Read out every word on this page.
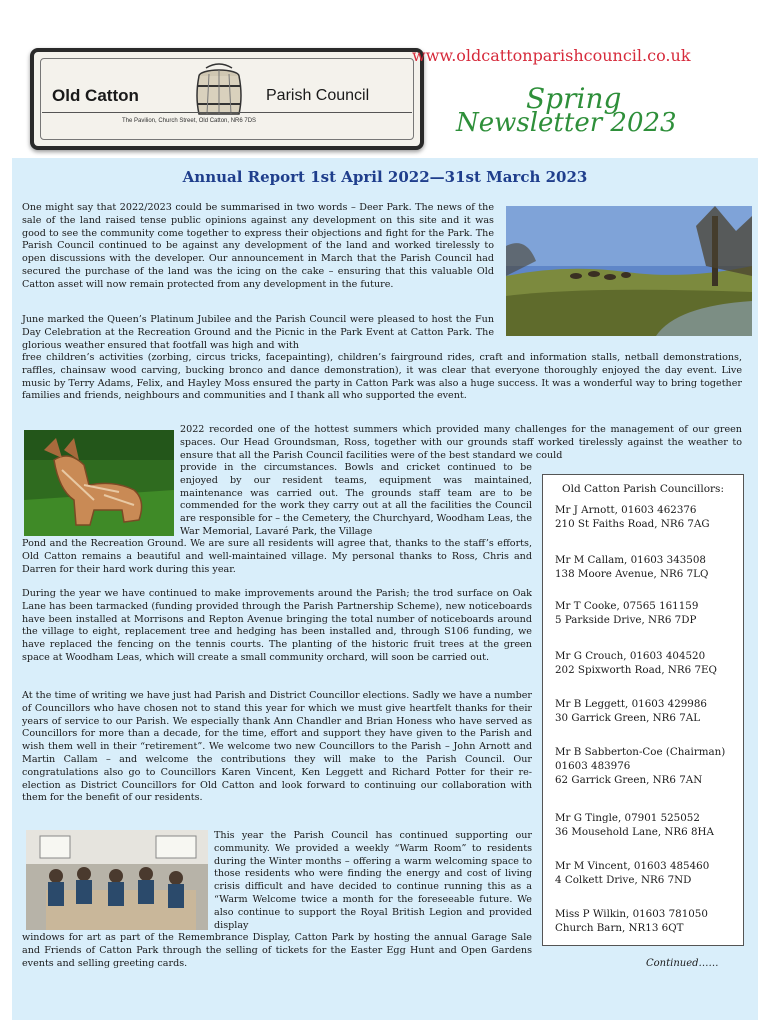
Old Catton	Parish Council
The Pavilion, Church Street, Old Catton, NR6 7DS
www.oldcattonparishcouncil.co.uk
Spring
Newsletter 2023
Annual Report 1st April 2022—31st March 2023
One might say that 2022/2023 could be summarised in two words – Deer Park. The news of the sale of the land raised tense public opinions against any development on this site and it was good to see the community come together to express their objections and fight for the Park. The Parish Council continued to be against any development of the land and worked tirelessly to open discussions with the developer. Our announcement in March that the Parish Council had secured the purchase of the land was the icing on the cake – ensuring that this valuable Old Catton asset will now remain protected from any development in the future.
June marked the Queen’s Platinum Jubilee and the Parish Council were pleased to host the Fun Day Celebration at the Recreation Ground and the Picnic in the Park Event at Catton Park. The glorious weather ensured that footfall was high and with
free children’s activities (zorbing, circus tricks, facepainting), children’s fairground rides, craft and information stalls, netball demonstrations, raffles, chainsaw wood carving, bucking bronco and dance demonstration), it was clear that everyone thoroughly enjoyed the day event. Live music by Terry Adams, Felix, and Hayley Moss ensured the party in Catton Park was also a huge success. It was a wonderful way to bring together families and friends, neighbours and communities and I thank all who supported the event.
2022 recorded one of the hottest summers which provided many challenges for the management of our green spaces. Our Head Groundsman, Ross, together with our grounds staff worked tirelessly against the weather to ensure that all the Parish Council facilities were of the best standard we could
provide in the circumstances. Bowls and cricket continued to be enjoyed by our resident teams, equipment was maintained, maintenance was carried out. The grounds staff team are to be commended for the work they carry out at all the facilities the Council are responsible for – the Cemetery, the Churchyard, Woodham Leas, the War Memorial, Lavaré Park, the Village
Pond and the Recreation Ground. We are sure all residents will agree that, thanks to the staff’s efforts, Old Catton remains a beautiful and well-maintained village. My personal thanks to Ross, Chris and Darren for their hard work during this year.
During the year we have continued to make improvements around the Parish; the trod surface on Oak Lane has been tarmacked (funding provided through the Parish Partnership Scheme), new noticeboards have been installed at Morrisons and Repton Avenue bringing the total number of noticeboards around the village to eight, replacement tree and hedging has been installed and, through S106 funding, we have replaced the fencing on the tennis courts. The planting of the historic fruit trees at the green space at Woodham Leas, which will create a small community orchard, will soon be carried out.
At the time of writing we have just had Parish and District Councillor elections. Sadly we have a number of Councillors who have chosen not to stand this year for which we must give heartfelt thanks for their years of service to our Parish. We especially thank Ann Chandler and Brian Honess who have served as Councillors for more than a decade, for the time, effort and support they have given to the Parish and wish them well in their “retirement”. We welcome two new Councillors to the Parish – John Arnott and Martin Callam – and welcome the contributions they will make to the Parish Council. Our congratulations also go to Councillors Karen Vincent, Ken Leggett and Richard Potter for their re-election as District Councillors for Old Catton and look forward to continuing our collaboration with them for the benefit of our residents.
This year the Parish Council has continued supporting our community. We provided a weekly “Warm Room” to residents during the Winter months – offering a warm welcoming space to those residents who were finding the energy and cost of living crisis difficult and have decided to continue running this as a “Warm Welcome twice a month for the foreseeable future. We also continue to support the Royal British Legion and provided display
windows for art as part of the Remembrance Display, Catton Park by hosting the annual Garage Sale and Friends of Catton Park through the selling of tickets for the Easter Egg Hunt and Open Gardens events and selling greeting cards.	Continued……
Old Catton Parish Councillors:
Mr J Arnott, 01603 462376
210 St Faiths Road, NR6 7AG
Mr M Callam, 01603 343508
138 Moore Avenue, NR6 7LQ
Mr T Cooke, 07565 161159
5 Parkside Drive, NR6 7DP
Mr G Crouch, 01603 404520
202 Spixworth Road, NR6 7EQ
Mr B Leggett, 01603 429986
30 Garrick Green, NR6 7AL
Mr B Sabberton-Coe (Chairman)
01603 483976
62 Garrick Green, NR6 7AN
Mr G Tingle, 07901 525052
36 Mousehold Lane, NR6 8HA
Mr M Vincent, 01603 485460
4 Colkett Drive, NR6 7ND
Miss P Wilkin, 01603 781050
Church Barn, NR13 6QT
